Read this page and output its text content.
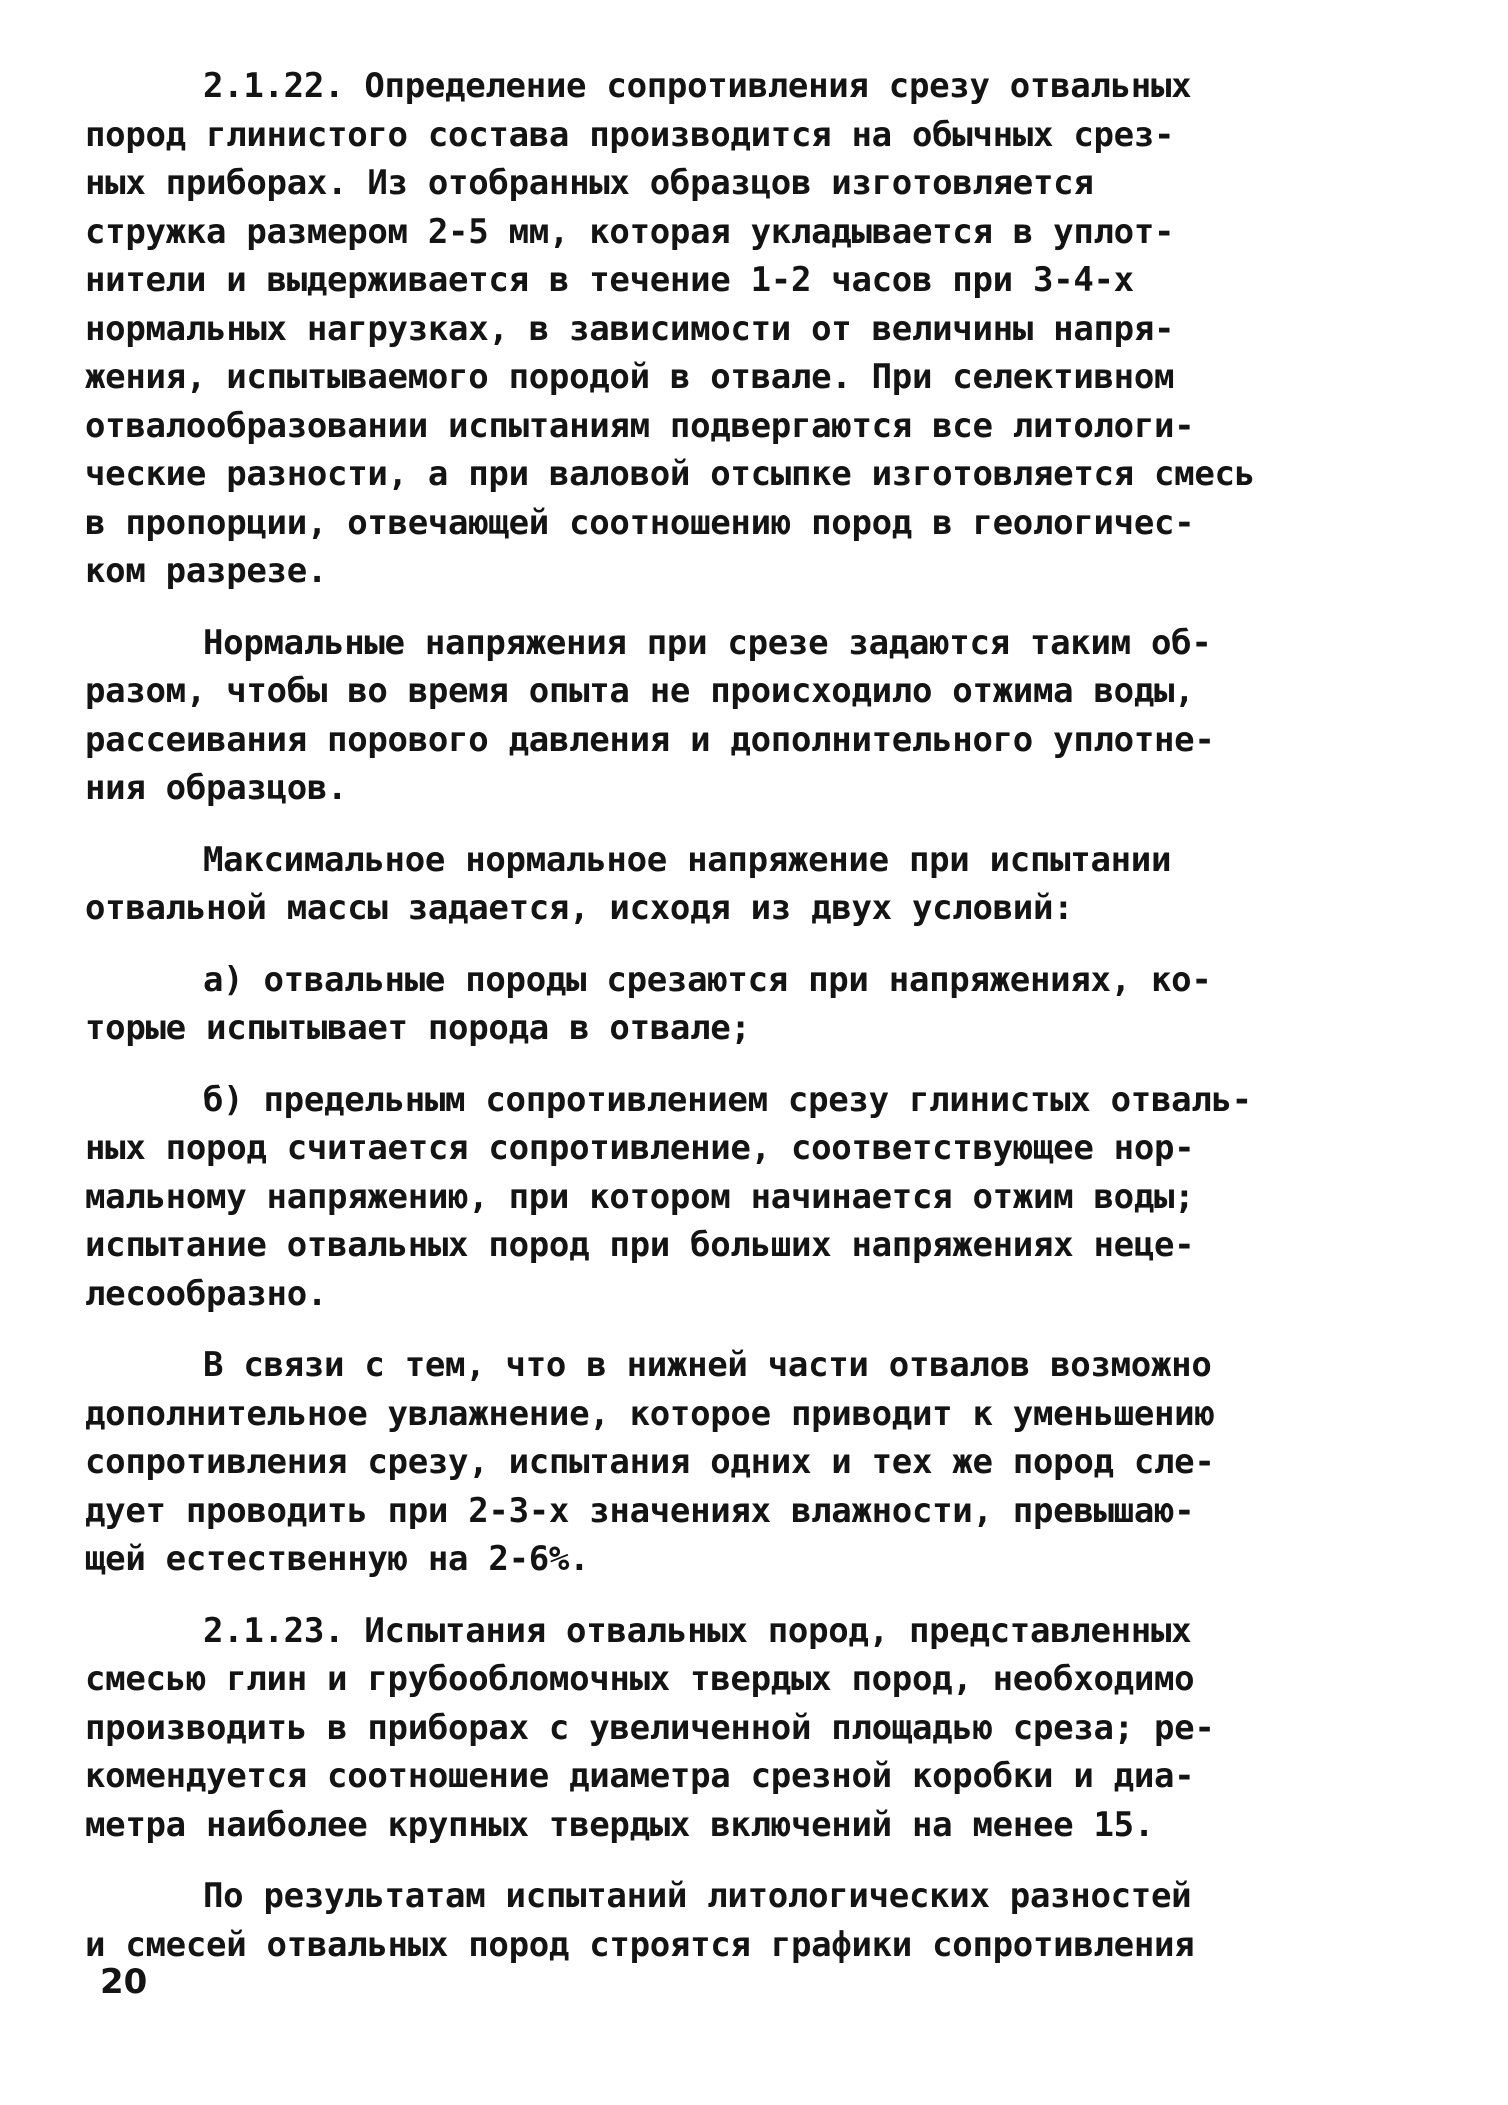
2.1.22. Определение сопротивления срезу отвальных
пород глинистого состава производится на обычных срез-
ных приборах. Из отобранных образцов изготовляется
стружка размером 2-5 мм, которая укладывается в уплот-
нители и выдерживается в течение 1-2 часов при 3-4-х
нормальных нагрузках, в зависимости от величины напря-
жения, испытываемого породой в отвале. При селективном
отвалообразовании испытаниям подвергаются все литологи-
ческие разности, а при валовой отсыпке изготовляется смесь
в пропорции, отвечающей соотношению пород в геологичес-
ком разрезе.

Нормальные напряжения при срезе задаются таким об-
разом, чтобы во время опыта не происходило отжима воды,
рассеивания порового давления и дополнительного уплотне-
ния образцов.

Максимальное нормальное напряжение при испытании
отвальной массы задается, исходя из двух условий:

а) отвальные породы срезаются при напряжениях, ко-
торые испытывает порода в отвале;

б) предельным сопротивлением срезу глинистых отваль-
ных пород считается сопротивление, соответствующее нор-
мальному напряжению, при котором начинается отжим воды;
испытание отвальных пород при больших напряжениях нецe-
лесообразно.

В связи с тем, что в нижней части отвалов возможно
дополнительное увлажнение, которое приводит к уменьшению
сопротивления срезу, испытания одних и тех же пород сле-
дует проводить при 2-3-х значениях влажности, превышаю-
щей естественную на 2-6%.

2.1.23. Испытания отвальных пород, представленных
смесью глин и грубообломочных твердых пород, необходимо
производить в приборах с увеличенной площадью среза; ре-
комендуется соотношение диаметра срезной коробки и диа-
метра наиболее крупных твердых включений на менее 15.

По результатам испытаний литологических разностей
и смесей отвальных пород строятся графики сопротивления

20
